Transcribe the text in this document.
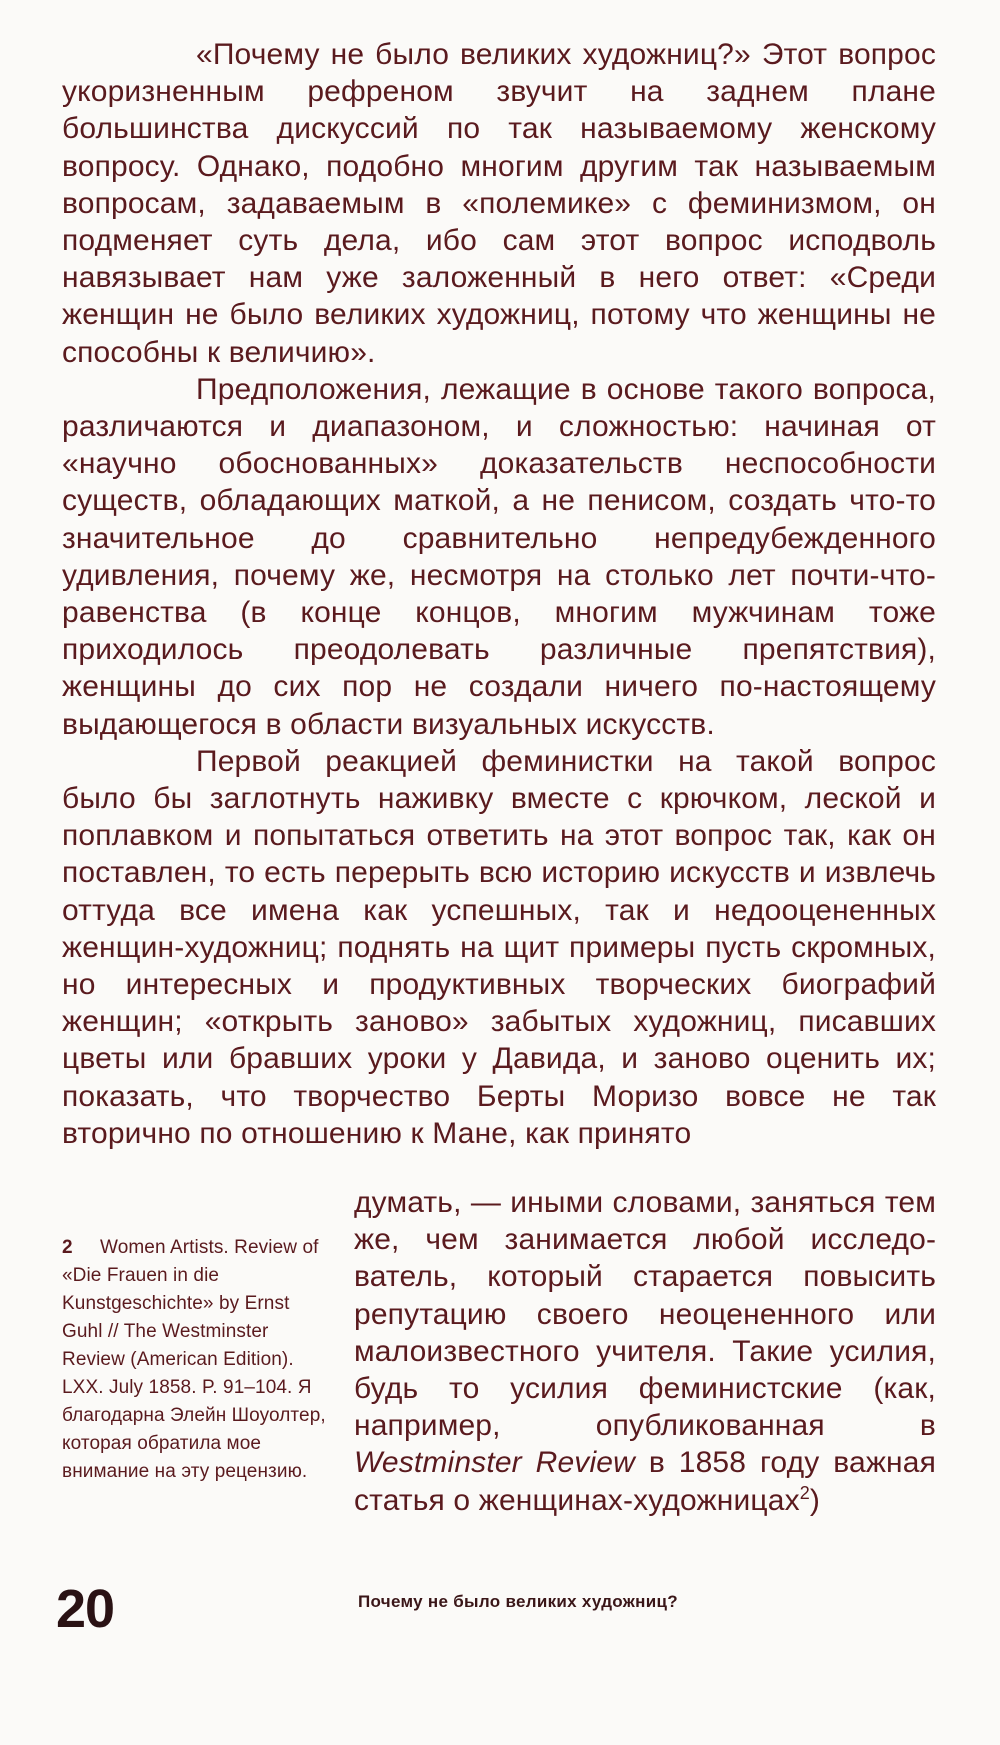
«Почему не было великих художниц?» Этот вопрос укоризненным рефреном звучит на заднем плане большинства дискуссий по так называемому женскому вопросу. Однако, подобно многим другим так называемым вопросам, задаваемым в «полемике» с феминизмом, он подменяет суть дела, ибо сам этот вопрос исподволь навязывает нам уже заложенный в него ответ: «Среди женщин не было великих художниц, потому что женщины не способны к величию».

Предположения, лежащие в основе такого вопроса, различаются и диапазоном, и сложностью: начиная от «научно обоснованных» доказательств неспособности существ, обладающих маткой, а не пенисом, создать что-то значительное до сравнительно непредубежденного удивления, почему же, несмотря на столько лет почти-что-равенства (в конце концов, многим мужчинам тоже приходилось преодолевать различные препятствия), женщины до сих пор не создали ничего по-настоящему выдающегося в области визуальных искусств.

Первой реакцией феминистки на такой вопрос было бы заглотнуть наживку вместе с крючком, леской и поплавком и попытаться ответить на этот вопрос так, как он поставлен, то есть перерыть всю историю искусств и извлечь оттуда все имена как успешных, так и недооцененных женщин-художниц; поднять на щит примеры пусть скромных, но интересных и продуктивных творческих биографий женщин; «открыть заново» забытых художниц, писавших цветы или бравших уроки у Давида, и заново оценить их; показать, что творчество Берты Моризо вовсе не так вторично по отношению к Мане, как принято

думать, — иными словами, заняться тем же, чем занимается любой исследователь, который старается повысить репутацию своего неоцененного или малоизвестного учителя. Такие усилия, будь то усилия феминистские (как, например, опубликованная в Westminster Review в 1858 году важная статья о женщинах-художницах$^2$)

2 Women Artists. Review of «Die Frauen in die Kunstgeschichte» by Ernst Guhl // The Westminster Review (American Edition). LXX. July 1858. P. 91–104. Я благодарна Элейн Шоуолтер, которая обратила мое внимание на эту рецензию.
20	Почему не было великих художниц?
